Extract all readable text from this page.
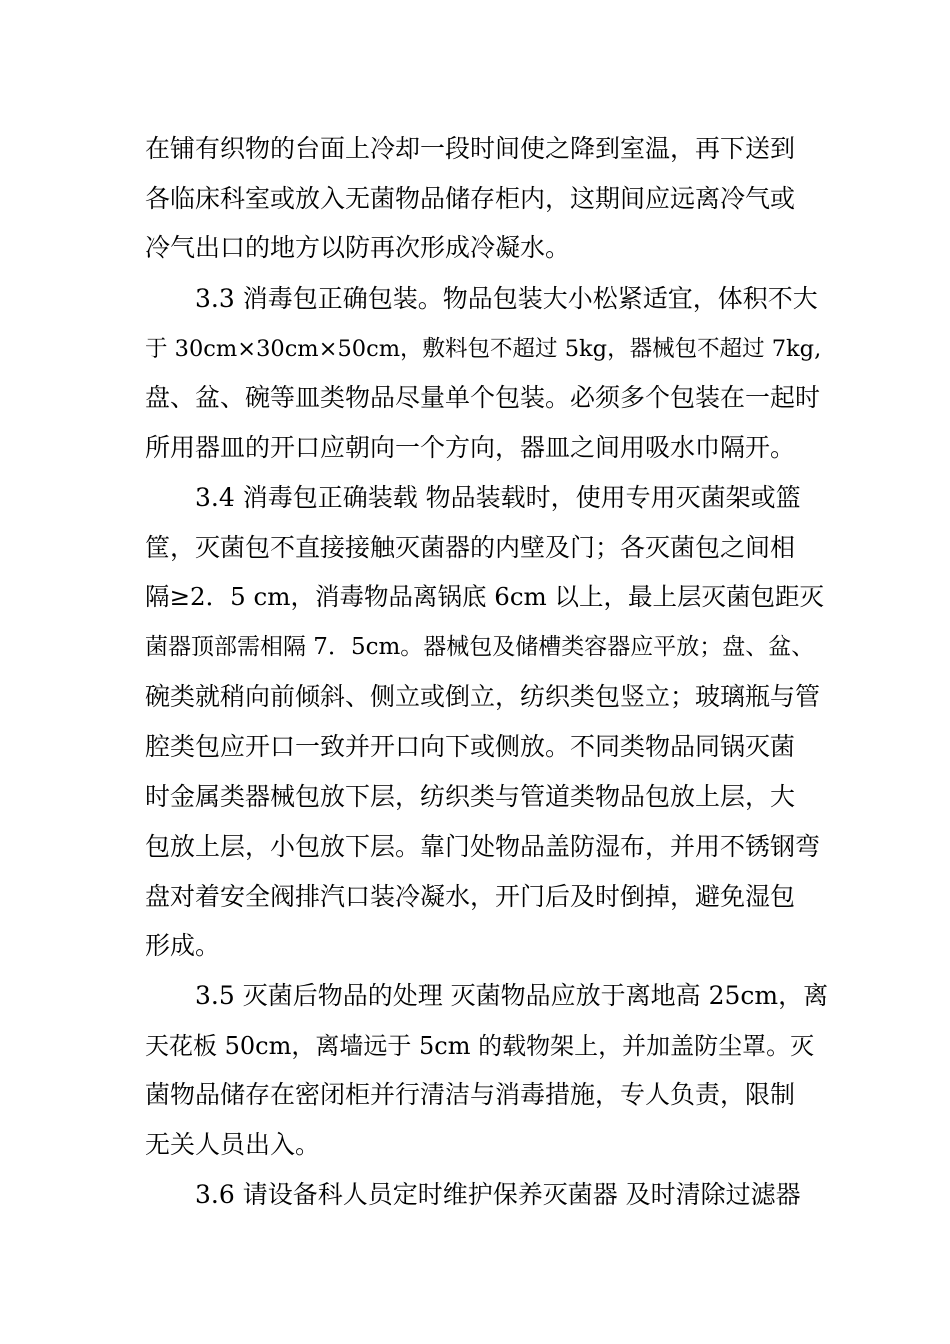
在铺有织物的台面上冷却一段时间使之降到室温，再下送到
各临床科室或放入无菌物品储存柜内，这期间应远离冷气或
冷气出口的地方以防再次形成冷凝水。
3.3 消毒包正确包装。物品包装大小松紧适宜，体积不大
于 30cm×30cm×50cm，敷料包不超过 5kg，器械包不超过 7kg,
盘、盆、碗等皿类物品尽量单个包装。必须多个包装在一起时
所用器皿的开口应朝向一个方向，器皿之间用吸水巾隔开。
3.4 消毒包正确装载 物品装载时，使用专用灭菌架或篮
筐，灭菌包不直接接触灭菌器的内壁及门；各灭菌包之间相
隔≥2．5 cm，消毒物品离锅底 6cm 以上，最上层灭菌包距灭
菌器顶部需相隔 7．5cm。器械包及储槽类容器应平放；盘、盆、
碗类就稍向前倾斜、侧立或倒立，纺织类包竖立；玻璃瓶与管
腔类包应开口一致并开口向下或侧放。不同类物品同锅灭菌
时金属类器械包放下层，纺织类与管道类物品包放上层，大
包放上层，小包放下层。靠门处物品盖防湿布，并用不锈钢弯
盘对着安全阀排汽口装冷凝水，开门后及时倒掉，避免湿包
形成。
3.5 灭菌后物品的处理 灭菌物品应放于离地高 25cm，离
天花板 50cm，离墙远于 5cm 的载物架上，并加盖防尘罩。灭
菌物品储存在密闭柜并行清洁与消毒措施，专人负责，限制
无关人员出入。
3.6 请设备科人员定时维护保养灭菌器 及时清除过滤器
